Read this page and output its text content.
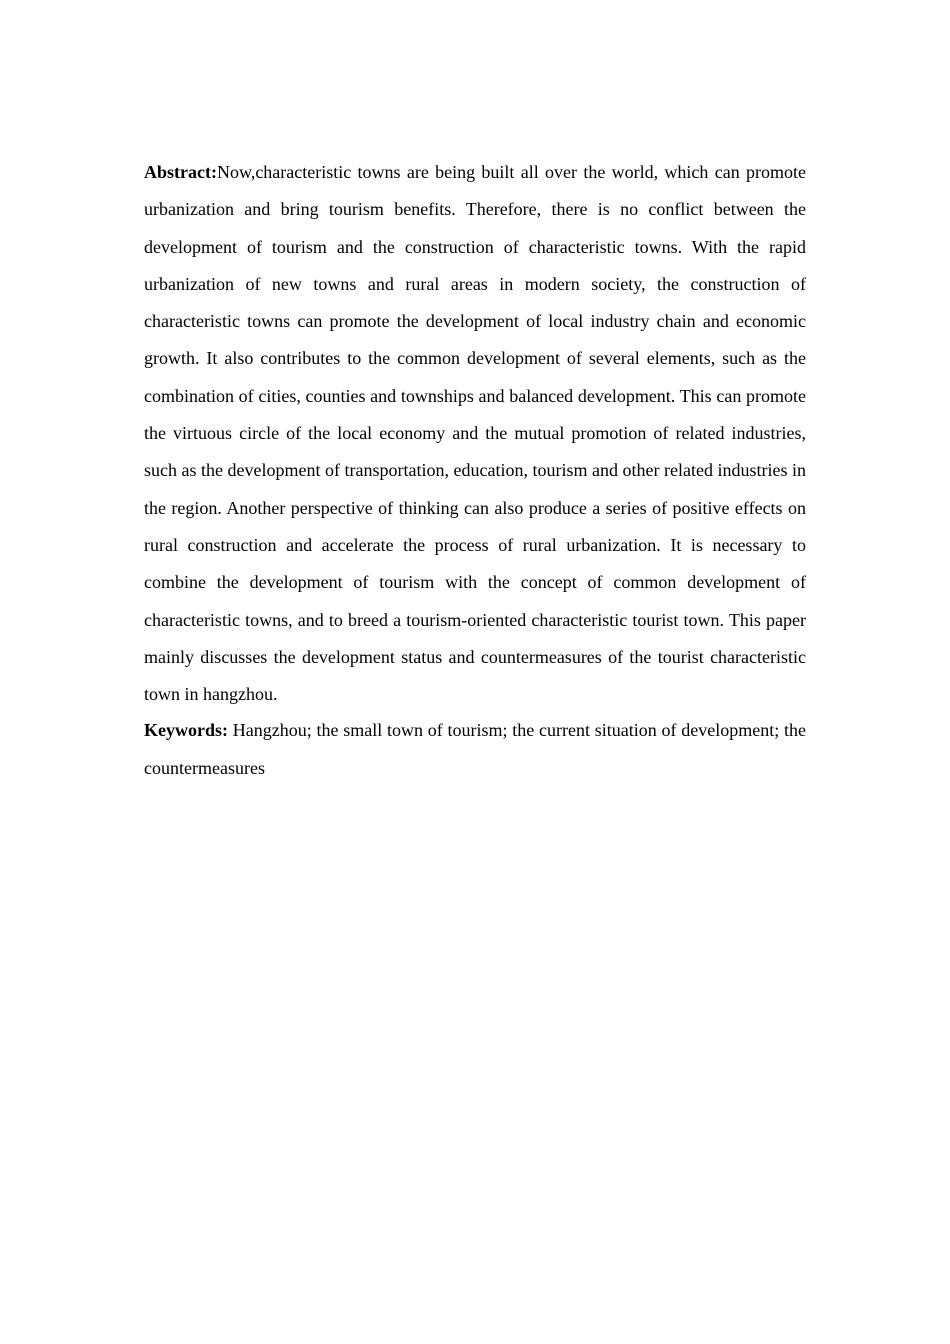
Abstract:Now,characteristic towns are being built all over the world, which can promote urbanization and bring tourism benefits. Therefore, there is no conflict between the development of tourism and the construction of characteristic towns. With the rapid urbanization of new towns and rural areas in modern society, the construction of characteristic towns can promote the development of local industry chain and economic growth. It also contributes to the common development of several elements, such as the combination of cities, counties and townships and balanced development. This can promote the virtuous circle of the local economy and the mutual promotion of related industries, such as the development of transportation, education, tourism and other related industries in the region. Another perspective of thinking can also produce a series of positive effects on rural construction and accelerate the process of rural urbanization. It is necessary to combine the development of tourism with the concept of common development of characteristic towns, and to breed a tourism-oriented characteristic tourist town. This paper mainly discusses the development status and countermeasures of the tourist characteristic town in hangzhou.

Keywords: Hangzhou; the small town of tourism; the current situation of development; the countermeasures
